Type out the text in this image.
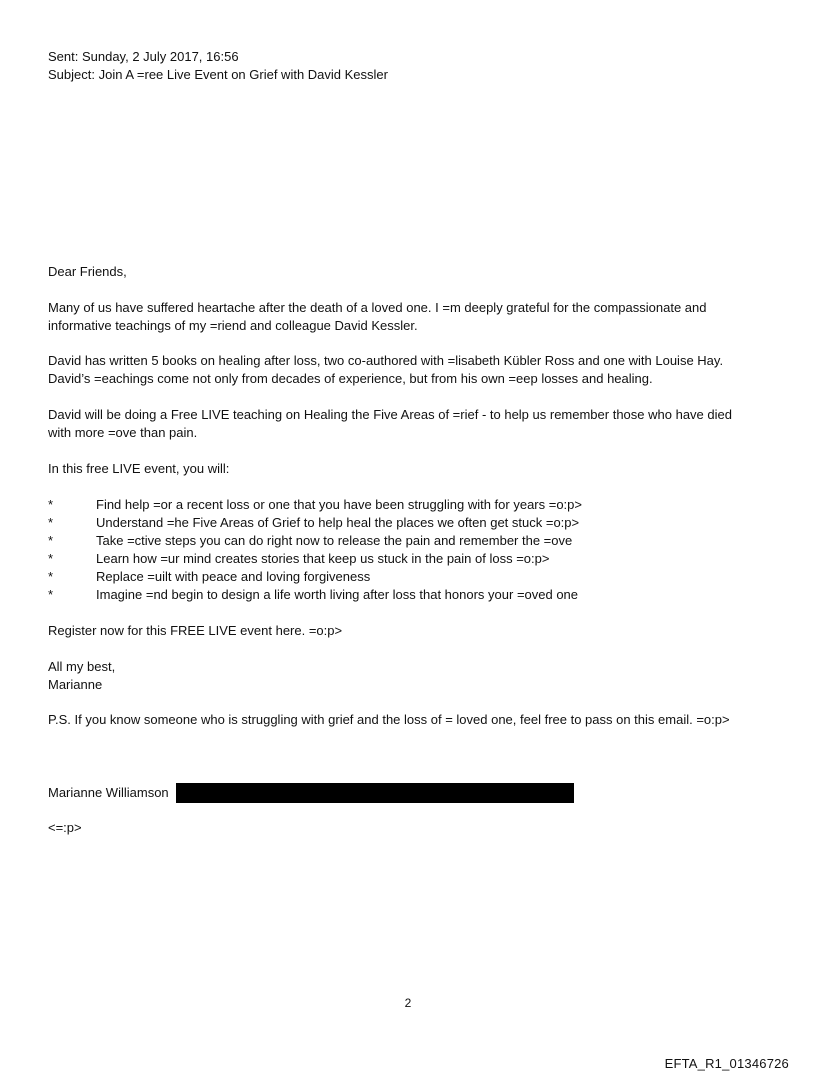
Sent: Sunday, 2 July 2017, 16:56
Subject: Join A =ree Live Event on Grief with David Kessler
Dear Friends,
Many of us have suffered heartache after the death of a loved one. I =m deeply grateful for the compassionate and
informative teachings of my =riend and colleague David Kessler.
David has written 5 books on healing after loss, two co-authored with =lisabeth Kübler Ross and one with Louise Hay.
David’s =eachings come not only from decades of experience, but from his own =eep losses and healing.
David will be doing a Free LIVE teaching on Healing the Five Areas of =rief - to help us remember those who have died
with more =ove than pain.
In this free LIVE event, you will:
*	Find help =or a recent loss or one that you have been struggling with for years =o:p>
*	Understand =he Five Areas of Grief to help heal the places we often get stuck =o:p>
*	Take =ctive steps you can do right now to release the pain and remember the =ove
*	Learn how =ur mind creates stories that keep us stuck in the pain of loss =o:p>
*	Replace =uilt with peace and loving forgiveness
*	Imagine =nd begin to design a life worth living after loss that honors your =oved one
Register now for this FREE LIVE event here. =o:p>
All my best,
Marianne
P.S. If you know someone who is struggling with grief and the loss of = loved one, feel free to pass on this email. =o:p>
Marianne Williamson
<=:p>
2
EFTA_R1_01346726
